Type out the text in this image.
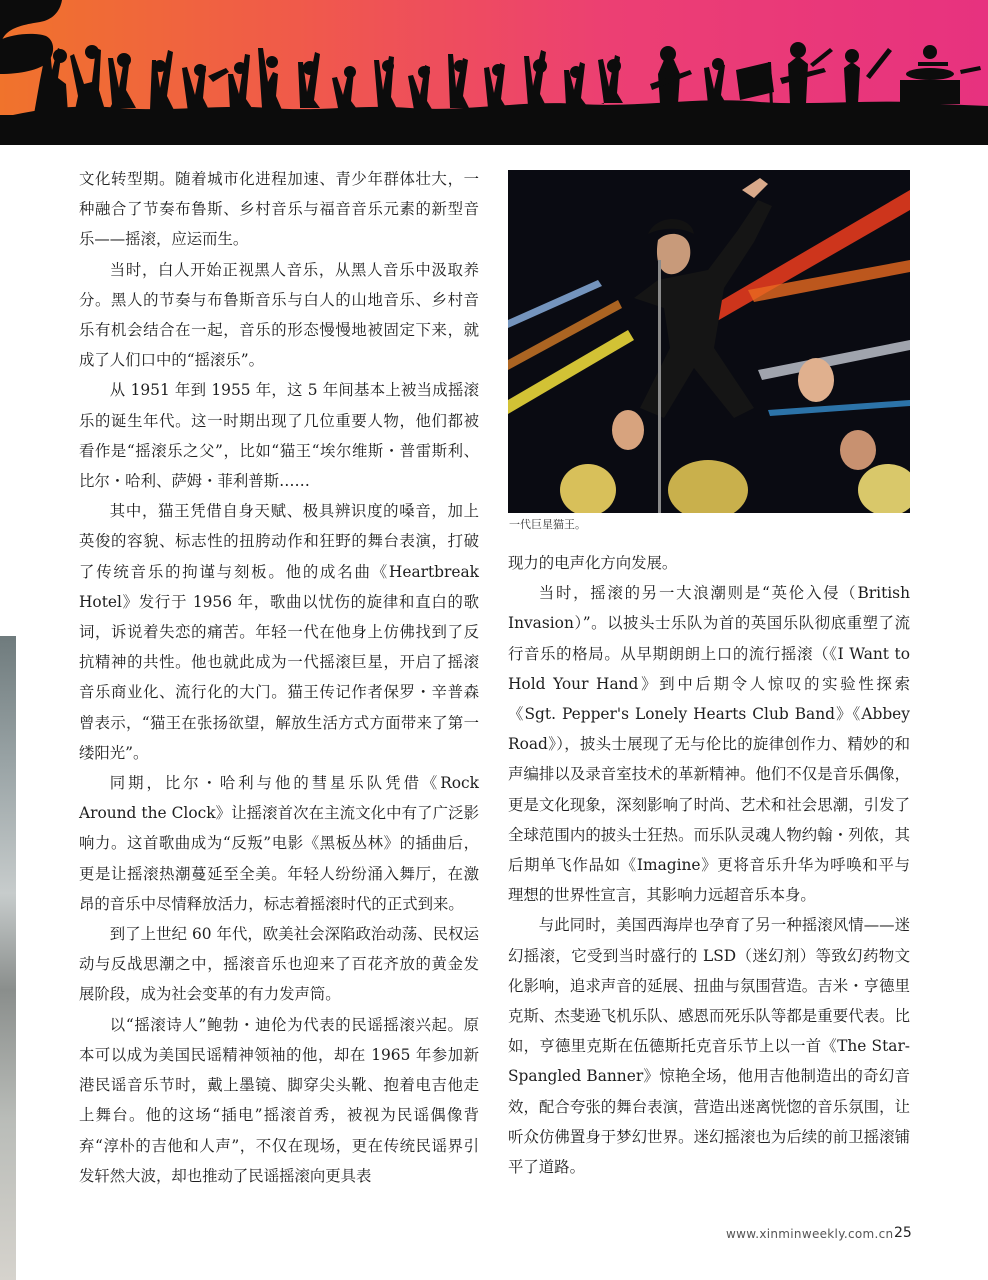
文化转型期。随着城市化进程加速、青少年群体壮大，一种融合了节奏布鲁斯、乡村音乐与福音音乐元素的新型音乐——摇滚，应运而生。

当时，白人开始正视黑人音乐，从黑人音乐中汲取养分。黑人的节奏与布鲁斯音乐与白人的山地音乐、乡村音乐有机会结合在一起，音乐的形态慢慢地被固定下来，就成了人们口中的“摇滚乐”。

从 1951 年到 1955 年，这 5 年间基本上被当成摇滚乐的诞生年代。这一时期出现了几位重要人物，他们都被看作是“摇滚乐之父”，比如“猫王“埃尔维斯・普雷斯利、比尔・哈利、萨姆・菲利普斯……

其中，猫王凭借自身天赋、极具辨识度的嗓音，加上英俊的容貌、标志性的扭胯动作和狂野的舞台表演，打破了传统音乐的拘谨与刻板。他的成名曲《Heartbreak Hotel》发行于 1956 年，歌曲以忧伤的旋律和直白的歌词，诉说着失恋的痛苦。年轻一代在他身上仿佛找到了反抗精神的共性。他也就此成为一代摇滚巨星，开启了摇滚音乐商业化、流行化的大门。猫王传记作者保罗・辛普森曾表示，“猫王在张扬欲望，解放生活方式方面带来了第一缕阳光”。

同期，比尔・哈利与他的彗星乐队凭借《Rock Around the Clock》让摇滚首次在主流文化中有了广泛影响力。这首歌曲成为“反叛”电影《黑板丛林》的插曲后，更是让摇滚热潮蔓延至全美。年轻人纷纷涌入舞厅，在激昂的音乐中尽情释放活力，标志着摇滚时代的正式到来。

到了上世纪 60 年代，欧美社会深陷政治动荡、民权运动与反战思潮之中，摇滚音乐也迎来了百花齐放的黄金发展阶段，成为社会变革的有力发声筒。

以“摇滚诗人”鲍勃・迪伦为代表的民谣摇滚兴起。原本可以成为美国民谣精神领袖的他，却在 1965 年参加新港民谣音乐节时，戴上墨镜、脚穿尖头靴、抱着电吉他走上舞台。他的这场“插电”摇滚首秀，被视为民谣偶像背弃“淳朴的吉他和人声”，不仅在现场，更在传统民谣界引发轩然大波，却也推动了民谣摇滚向更具表

一代巨星猫王。

现力的电声化方向发展。

当时，摇滚的另一大浪潮则是“英伦入侵（British Invasion）”。以披头士乐队为首的英国乐队彻底重塑了流行音乐的格局。从早期朗朗上口的流行摇滚（《I Want to Hold Your Hand》到中后期令人惊叹的实验性探索《Sgt. Pepper's Lonely Hearts Club Band》《Abbey Road》），披头士展现了无与伦比的旋律创作力、精妙的和声编排以及录音室技术的革新精神。他们不仅是音乐偶像，更是文化现象，深刻影响了时尚、艺术和社会思潮，引发了全球范围内的披头士狂热。而乐队灵魂人物约翰・列侬，其后期单飞作品如《Imagine》更将音乐升华为呼唤和平与理想的世界性宣言，其影响力远超音乐本身。

与此同时，美国西海岸也孕育了另一种摇滚风情——迷幻摇滚，它受到当时盛行的 LSD（迷幻剂）等致幻药物文化影响，追求声音的延展、扭曲与氛围营造。吉米・亨德里克斯、杰斐逊飞机乐队、感恩而死乐队等都是重要代表。比如，亨德里克斯在伍德斯托克音乐节上以一首《The Star-Spangled Banner》惊艳全场，他用吉他制造出的奇幻音效，配合夸张的舞台表演，营造出迷离恍惚的音乐氛围，让听众仿佛置身于梦幻世界。迷幻摇滚也为后续的前卫摇滚铺平了道路。

www.xinminweekly.com.cn 25
